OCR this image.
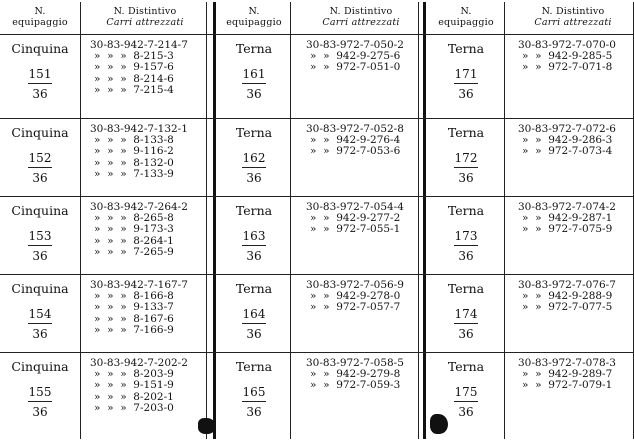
N.
equipaggio
N. Distintivo
Carri attrezzati
N.
equipaggio
N. Distintivo
Carri attrezzati
N.
equipaggio
N. Distintivo
Carri attrezzati
Cinquina
151
36
30-83-942-7-214-7
»  »  »  8-215-3
»  »  »  9-157-6
»  »  »  8-214-6
»  »  »  7-215-4
Terna
161
36
30-83-972-7-050-2
»  »  942-9-275-6
»  »  972-7-051-0
Terna
171
36
30-83-972-7-070-0
»  »  942-9-285-5
»  »  972-7-071-8
Cinquina
152
36
30-83-942-7-132-1
»  »  »  8-133-8
»  »  »  9-116-2
»  »  »  8-132-0
»  »  »  7-133-9
Terna
162
36
30-83-972-7-052-8
»  »  942-9-276-4
»  »  972-7-053-6
Terna
172
36
30-83-972-7-072-6
»  »  942-9-286-3
»  »  972-7-073-4
Cinquina
153
36
30-83-942-7-264-2
»  »  »  8-265-8
»  »  »  9-173-3
»  »  »  8-264-1
»  »  »  7-265-9
Terna
163
36
30-83-972-7-054-4
»  »  942-9-277-2
»  »  972-7-055-1
Terna
173
36
30-83-972-7-074-2
»  »  942-9-287-1
»  »  972-7-075-9
Cinquina
154
36
30-83-942-7-167-7
»  »  »  8-166-8
»  »  »  9-133-7
»  »  »  8-167-6
»  »  »  7-166-9
Terna
164
36
30-83-972-7-056-9
»  »  942-9-278-0
»  »  972-7-057-7
Terna
174
36
30-83-972-7-076-7
»  »  942-9-288-9
»  »  972-7-077-5
Cinquina
155
36
30-83-942-7-202-2
»  »  »  8-203-9
»  »  »  9-151-9
»  »  »  8-202-1
»  »  »  7-203-0
Terna
165
36
30-83-972-7-058-5
»  »  942-9-279-8
»  »  972-7-059-3
Terna
175
36
30-83-972-7-078-3
»  »  942-9-289-7
»  »  972-7-079-1
